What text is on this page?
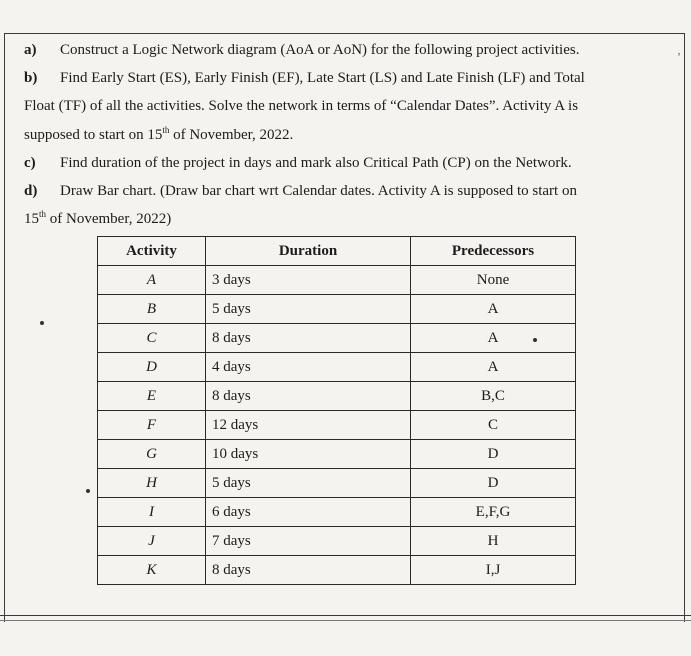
‚
a) Construct a Logic Network diagram (AoA or AoN) for the following project activities.
b) Find Early Start (ES), Early Finish (EF), Late Start (LS) and Late Finish (LF) and Total
Float (TF) of all the activities. Solve the network in terms of “Calendar Dates”. Activity A is
supposed to start on 15th of November, 2022.
c) Find duration of the project in days and mark also Critical Path (CP) on the Network.
d) Draw Bar chart. (Draw bar chart wrt Calendar dates. Activity A is supposed to start on
15th of November, 2022)
Activity	Duration	Predecessors
A	3 days	None
B	5 days	A
C	8 days	A
D	4 days	A
E	8 days	B,C
F	12 days	C
G	10 days	D
H	5 days	D
I	6 days	E,F,G
J	7 days	H
K	8 days	I,J
